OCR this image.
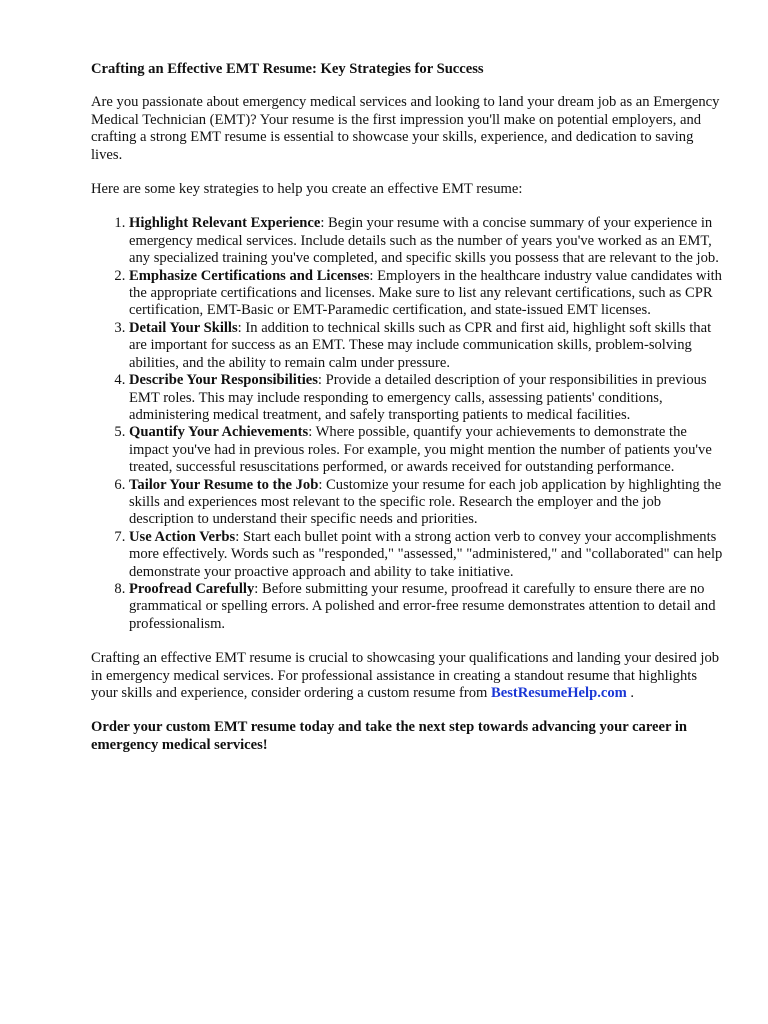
Crafting an Effective EMT Resume: Key Strategies for Success

Are you passionate about emergency medical services and looking to land your dream job as an Emergency Medical Technician (EMT)? Your resume is the first impression you'll make on potential employers, and crafting a strong EMT resume is essential to showcase your skills, experience, and dedication to saving lives.

Here are some key strategies to help you create an effective EMT resume:

1. Highlight Relevant Experience: Begin your resume with a concise summary of your experience in emergency medical services. Include details such as the number of years you've worked as an EMT, any specialized training you've completed, and specific skills you possess that are relevant to the job.
2. Emphasize Certifications and Licenses: Employers in the healthcare industry value candidates with the appropriate certifications and licenses. Make sure to list any relevant certifications, such as CPR certification, EMT-Basic or EMT-Paramedic certification, and state-issued EMT licenses.
3. Detail Your Skills: In addition to technical skills such as CPR and first aid, highlight soft skills that are important for success as an EMT. These may include communication skills, problem-solving abilities, and the ability to remain calm under pressure.
4. Describe Your Responsibilities: Provide a detailed description of your responsibilities in previous EMT roles. This may include responding to emergency calls, assessing patients' conditions, administering medical treatment, and safely transporting patients to medical facilities.
5. Quantify Your Achievements: Where possible, quantify your achievements to demonstrate the impact you've had in previous roles. For example, you might mention the number of patients you've treated, successful resuscitations performed, or awards received for outstanding performance.
6. Tailor Your Resume to the Job: Customize your resume for each job application by highlighting the skills and experiences most relevant to the specific role. Research the employer and the job description to understand their specific needs and priorities.
7. Use Action Verbs: Start each bullet point with a strong action verb to convey your accomplishments more effectively. Words such as "responded," "assessed," "administered," and "collaborated" can help demonstrate your proactive approach and ability to take initiative.
8. Proofread Carefully: Before submitting your resume, proofread it carefully to ensure there are no grammatical or spelling errors. A polished and error-free resume demonstrates attention to detail and professionalism.

Crafting an effective EMT resume is crucial to showcasing your qualifications and landing your desired job in emergency medical services. For professional assistance in creating a standout resume that highlights your skills and experience, consider ordering a custom resume from BestResumeHelp.com .

Order your custom EMT resume today and take the next step towards advancing your career in emergency medical services!
